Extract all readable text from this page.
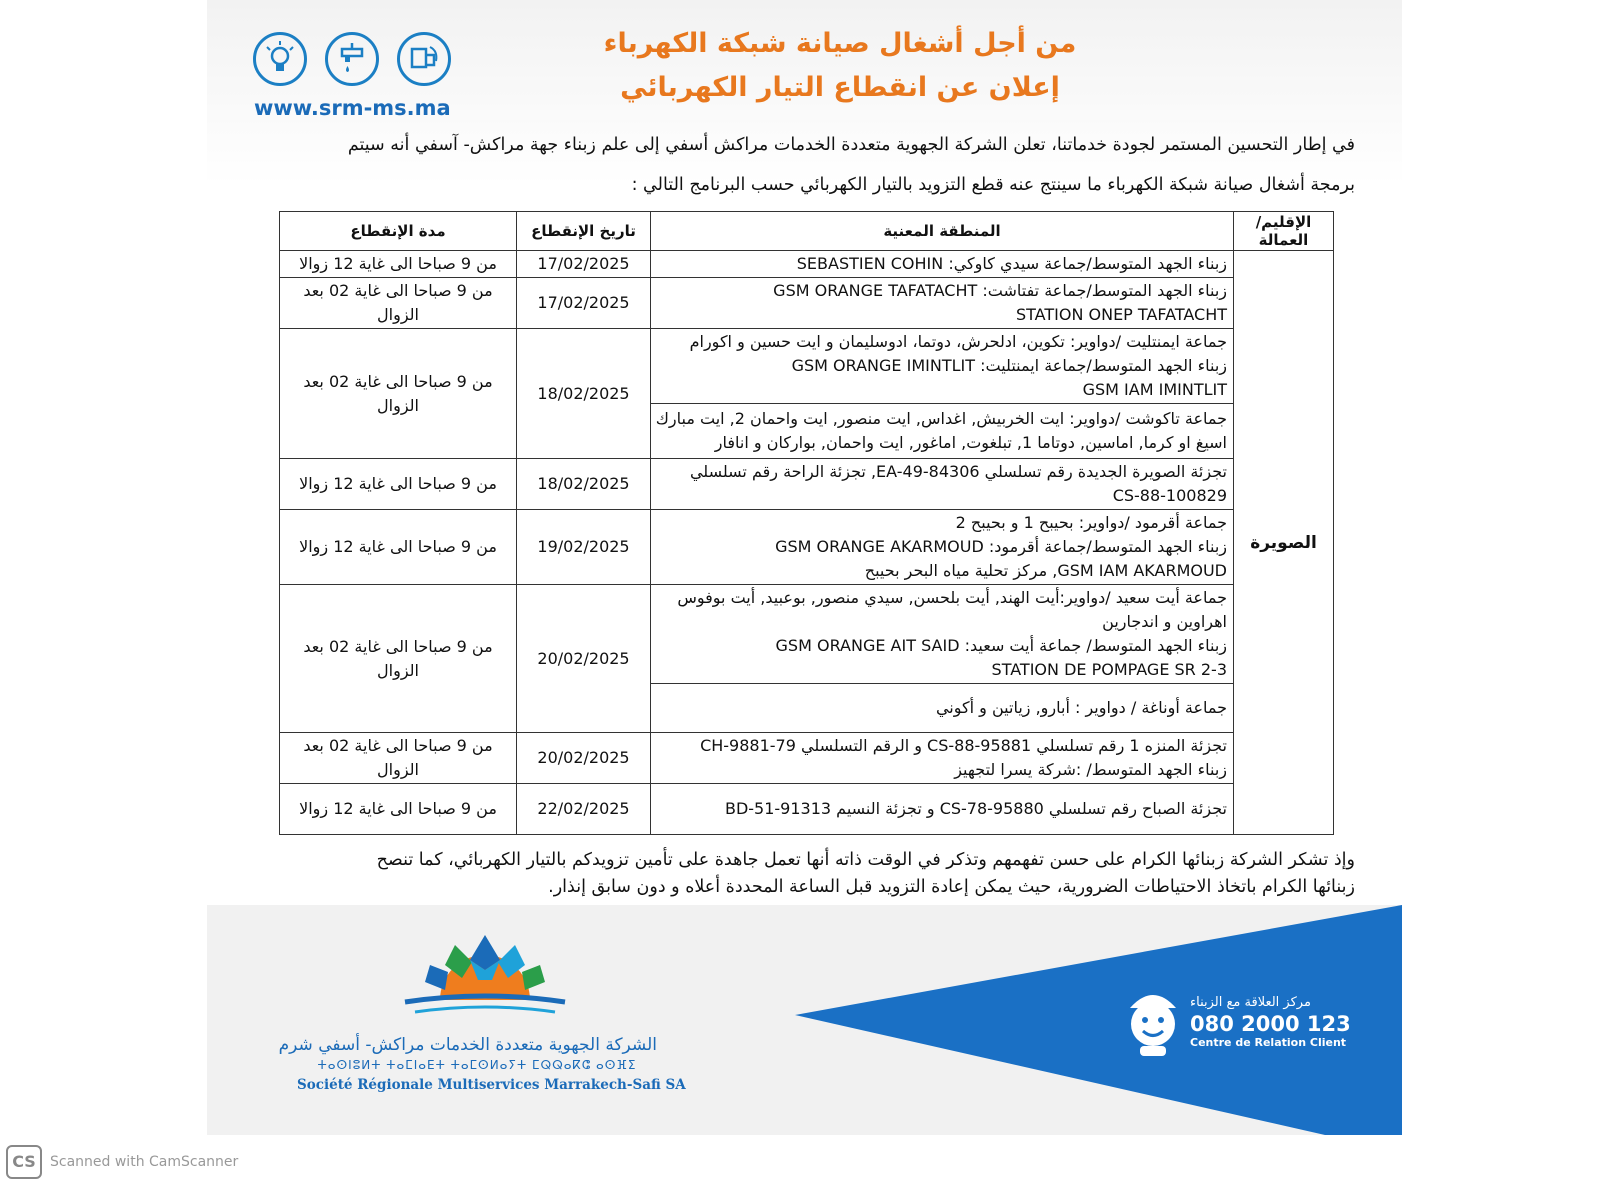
www.srm-ms.ma
من أجل أشغال صيانة شبكة الكهرباء
إعلان عن انقطاع التيار الكهربائي
في إطار التحسين المستمر لجودة خدماتنا، تعلن الشركة الجهوية متعددة الخدمات مراكش أسفي إلى علم زبناء جهة مراكش- آسفي أنه سيتم
برمجة أشغال صيانة شبكة الكهرباء ما سينتج عنه قطع التزويد بالتيار الكهربائي حسب البرنامج التالي :
الإقليم/العمالة	المنطقة المعنية	تاريخ الإنقطاع	مدة الإنقطاع
الصويرة	زبناء الجهد المتوسط/جماعة سيدي كاوكي: SEBASTIEN COHIN	17/02/2025	من 9 صباحا الى غاية 12 زوالا

	زبناء الجهد المتوسط/جماعة تفتاشت: GSM ORANGE TAFATACHT
STATION ONEP TAFATACHT	17/02/2025	من 9 صباحا الى غاية 02 بعد الزوال

	جماعة ايمنتليت /دواوير: تكوين، ادلحرش، دوتما، ادوسليمان و ايت حسين و اكورام
زبناء الجهد المتوسط/جماعة ايمنتليت: GSM ORANGE IMINTLIT
GSM IAM IMINTLIT	18/02/2025	من 9 صباحا الى غاية 02 بعد الزوال

	جماعة تاكوشت /دواوير: ايت الخربيش, اغداس, ايت منصور, ايت واحمان 2, ايت مبارك
اسيغ او كرما, اماسين, دوتاما 1, تبلغوت, اماغور, ايت واحمان, بواركان و انافار		

	تجزئة الصويرة الجديدة رقم تسلسلي EA-49-84306, تجزئة الراحة رقم تسلسلي
CS-88-100829	18/02/2025	من 9 صباحا الى غاية 12 زوالا

	جماعة أقرمود /دواوير: بحيبح 1 و بحيبح 2
زبناء الجهد المتوسط/جماعة أقرمود: GSM ORANGE AKARMOUD
GSM IAM AKARMOUD, مركز تحلية مياه البحر بحيبح	19/02/2025	من 9 صباحا الى غاية 12 زوالا

	جماعة أيت سعيد /دواوير:أيت الهند, أيت بلحسن, سيدي منصور, بوعبيد, أيت بوفوس
اهراوين و اندجارين
زبناء الجهد المتوسط/ جماعة أيت سعيد: GSM ORANGE AIT SAID
STATION DE POMPAGE SR 2-3	20/02/2025	من 9 صباحا الى غاية 02 بعد الزوال

	جماعة أوناغة / دواوير : أبارو, زياتين و أكوني		

	تجزئة المنزه 1 رقم تسلسلي CS-88-95881 و الرقم التسلسلي CH-9881-79
زبناء الجهد المتوسط/ :شركة يسرا لتجهيز	20/02/2025	من 9 صباحا الى غاية 02 بعد الزوال

	تجزئة الصباح رقم تسلسلي CS-78-95880 و تجزئة النسيم BD-51-91313	22/02/2025	من 9 صباحا الى غاية 12 زوالا
وإذ تشكر الشركة زبنائها الكرام على حسن تفهمهم وتذكر في الوقت ذاته أنها تعمل جاهدة على تأمين تزويدكم بالتيار الكهربائي، كما تنصح
زبنائها الكرام باتخاذ الاحتياطات الضرورية، حيث يمكن إعادة التزويد قبل الساعة المحددة أعلاه و دون سابق إنذار.
الشركة الجهوية متعددة الخدمات مراكش- أسفي شرم
ⵜⴰⵙⵏⵓⵍⵜ ⵜⴰⵎⵏⴰⴹⵜ ⵜⴰⵎⵙⵍⴰⵢⵜ ⵎⵕⵕⴰⴽⵛ ⴰⵙⴼⵉ
Société Régionale Multiservices Marrakech-Safi SA
مركز العلاقة مع الزبناء
080 2000 123
Centre de Relation Client
CS	Scanned with CamScanner
